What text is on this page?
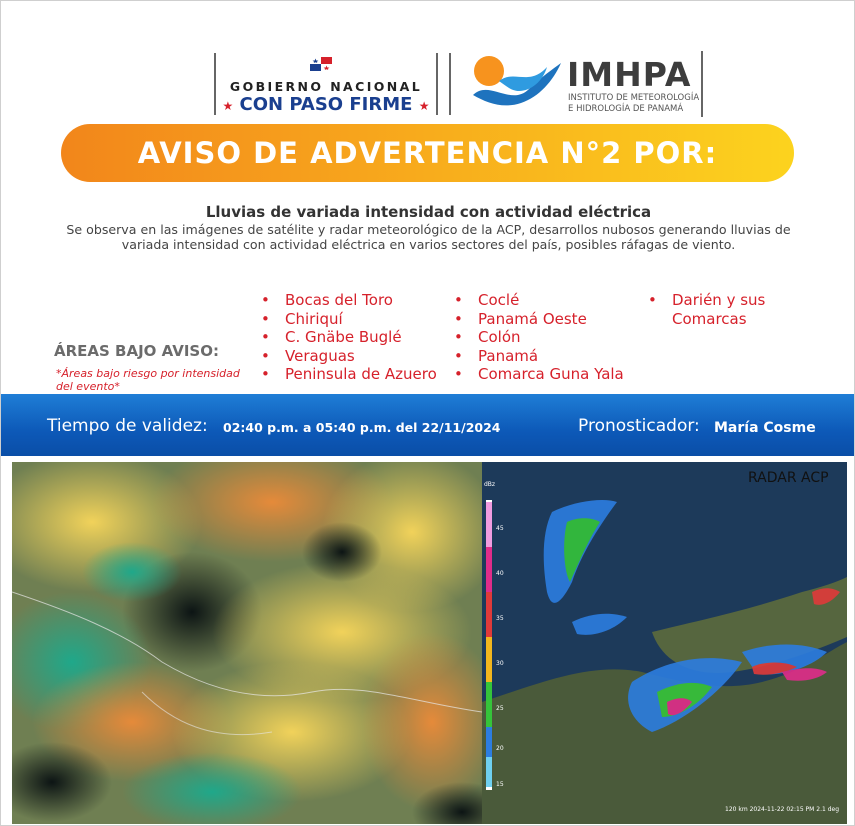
GOBIERNO NACIONAL
★ CON PASO FIRME ★
IMHPA
INSTITUTO DE METEOROLOGÍA
E HIDROLOGÍA DE PANAMÁ
AVISO DE ADVERTENCIA N°2 POR:
Lluvias de variada intensidad con actividad eléctrica
Se observa en las imágenes de satélite y radar meteorológico de la ACP, desarrollos nubosos generando lluvias de variada intensidad con actividad eléctrica en varios sectores del país, posibles ráfagas de viento.
• Bocas del Toro
• Chiriquí
• C. Gnäbe Buglé
• Veraguas
• Peninsula de Azuero
• Coclé
• Panamá Oeste
• Colón
• Panamá
• Comarca Guna Yala
• Darién y sus Comarcas
ÁREAS BAJO AVISO:
*Áreas bajo riesgo por intensidad del evento*
Tiempo de validez: 02:40 p.m. a 05:40 p.m. del 22/11/2024	Pronosticador: María Cosme
dBz
45
40
35
30
25
20
15
RADAR ACP
120 km 2024-11-22 02:15 PM 2.1 deg
